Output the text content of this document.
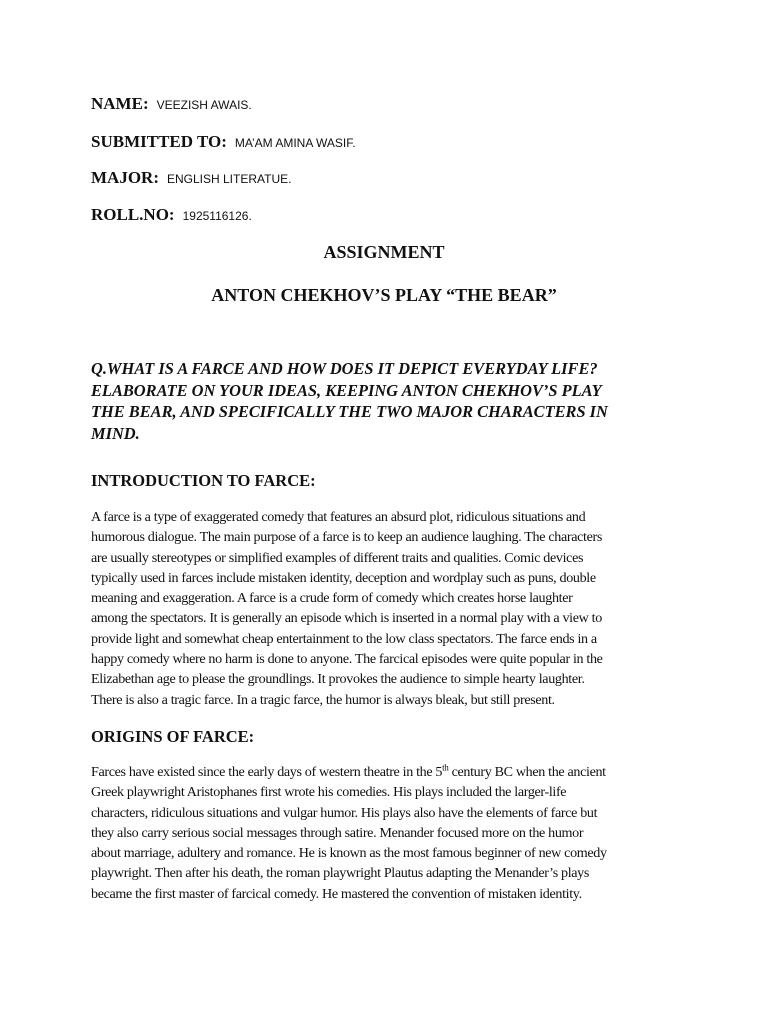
NAME: VEEZISH AWAIS.
SUBMITTED TO: MA’AM AMINA WASIF.
MAJOR: ENGLISH LITERATUE.
ROLL.NO: 1925116126.
ASSIGNMENT
ANTON CHEKHOV’S PLAY “THE BEAR”
Q.WHAT IS A FARCE AND HOW DOES IT DEPICT EVERYDAY LIFE?
ELABORATE ON YOUR IDEAS, KEEPING ANTON CHEKHOV’S PLAY
THE BEAR, AND SPECIFICALLY THE TWO MAJOR CHARACTERS IN
MIND.
INTRODUCTION TO FARCE:
A farce is a type of exaggerated comedy that features an absurd plot, ridiculous situations and
humorous dialogue. The main purpose of a farce is to keep an audience laughing. The characters
are usually stereotypes or simplified examples of different traits and qualities. Comic devices
typically used in farces include mistaken identity, deception and wordplay such as puns, double
meaning and exaggeration. A farce is a crude form of comedy which creates horse laughter
among the spectators. It is generally an episode which is inserted in a normal play with a view to
provide light and somewhat cheap entertainment to the low class spectators. The farce ends in a
happy comedy where no harm is done to anyone. The farcical episodes were quite popular in the
Elizabethan age to please the groundlings. It provokes the audience to simple hearty laughter.
There is also a tragic farce. In a tragic farce, the humor is always bleak, but still present.
ORIGINS OF FARCE:
Farces have existed since the early days of western theatre in the 5th century BC when the ancient
Greek playwright Aristophanes first wrote his comedies. His plays included the larger-life
characters, ridiculous situations and vulgar humor. His plays also have the elements of farce but
they also carry serious social messages through satire. Menander focused more on the humor
about marriage, adultery and romance. He is known as the most famous beginner of new comedy
playwright. Then after his death, the roman playwright Plautus adapting the Menander’s plays
became the first master of farcical comedy. He mastered the convention of mistaken identity.
